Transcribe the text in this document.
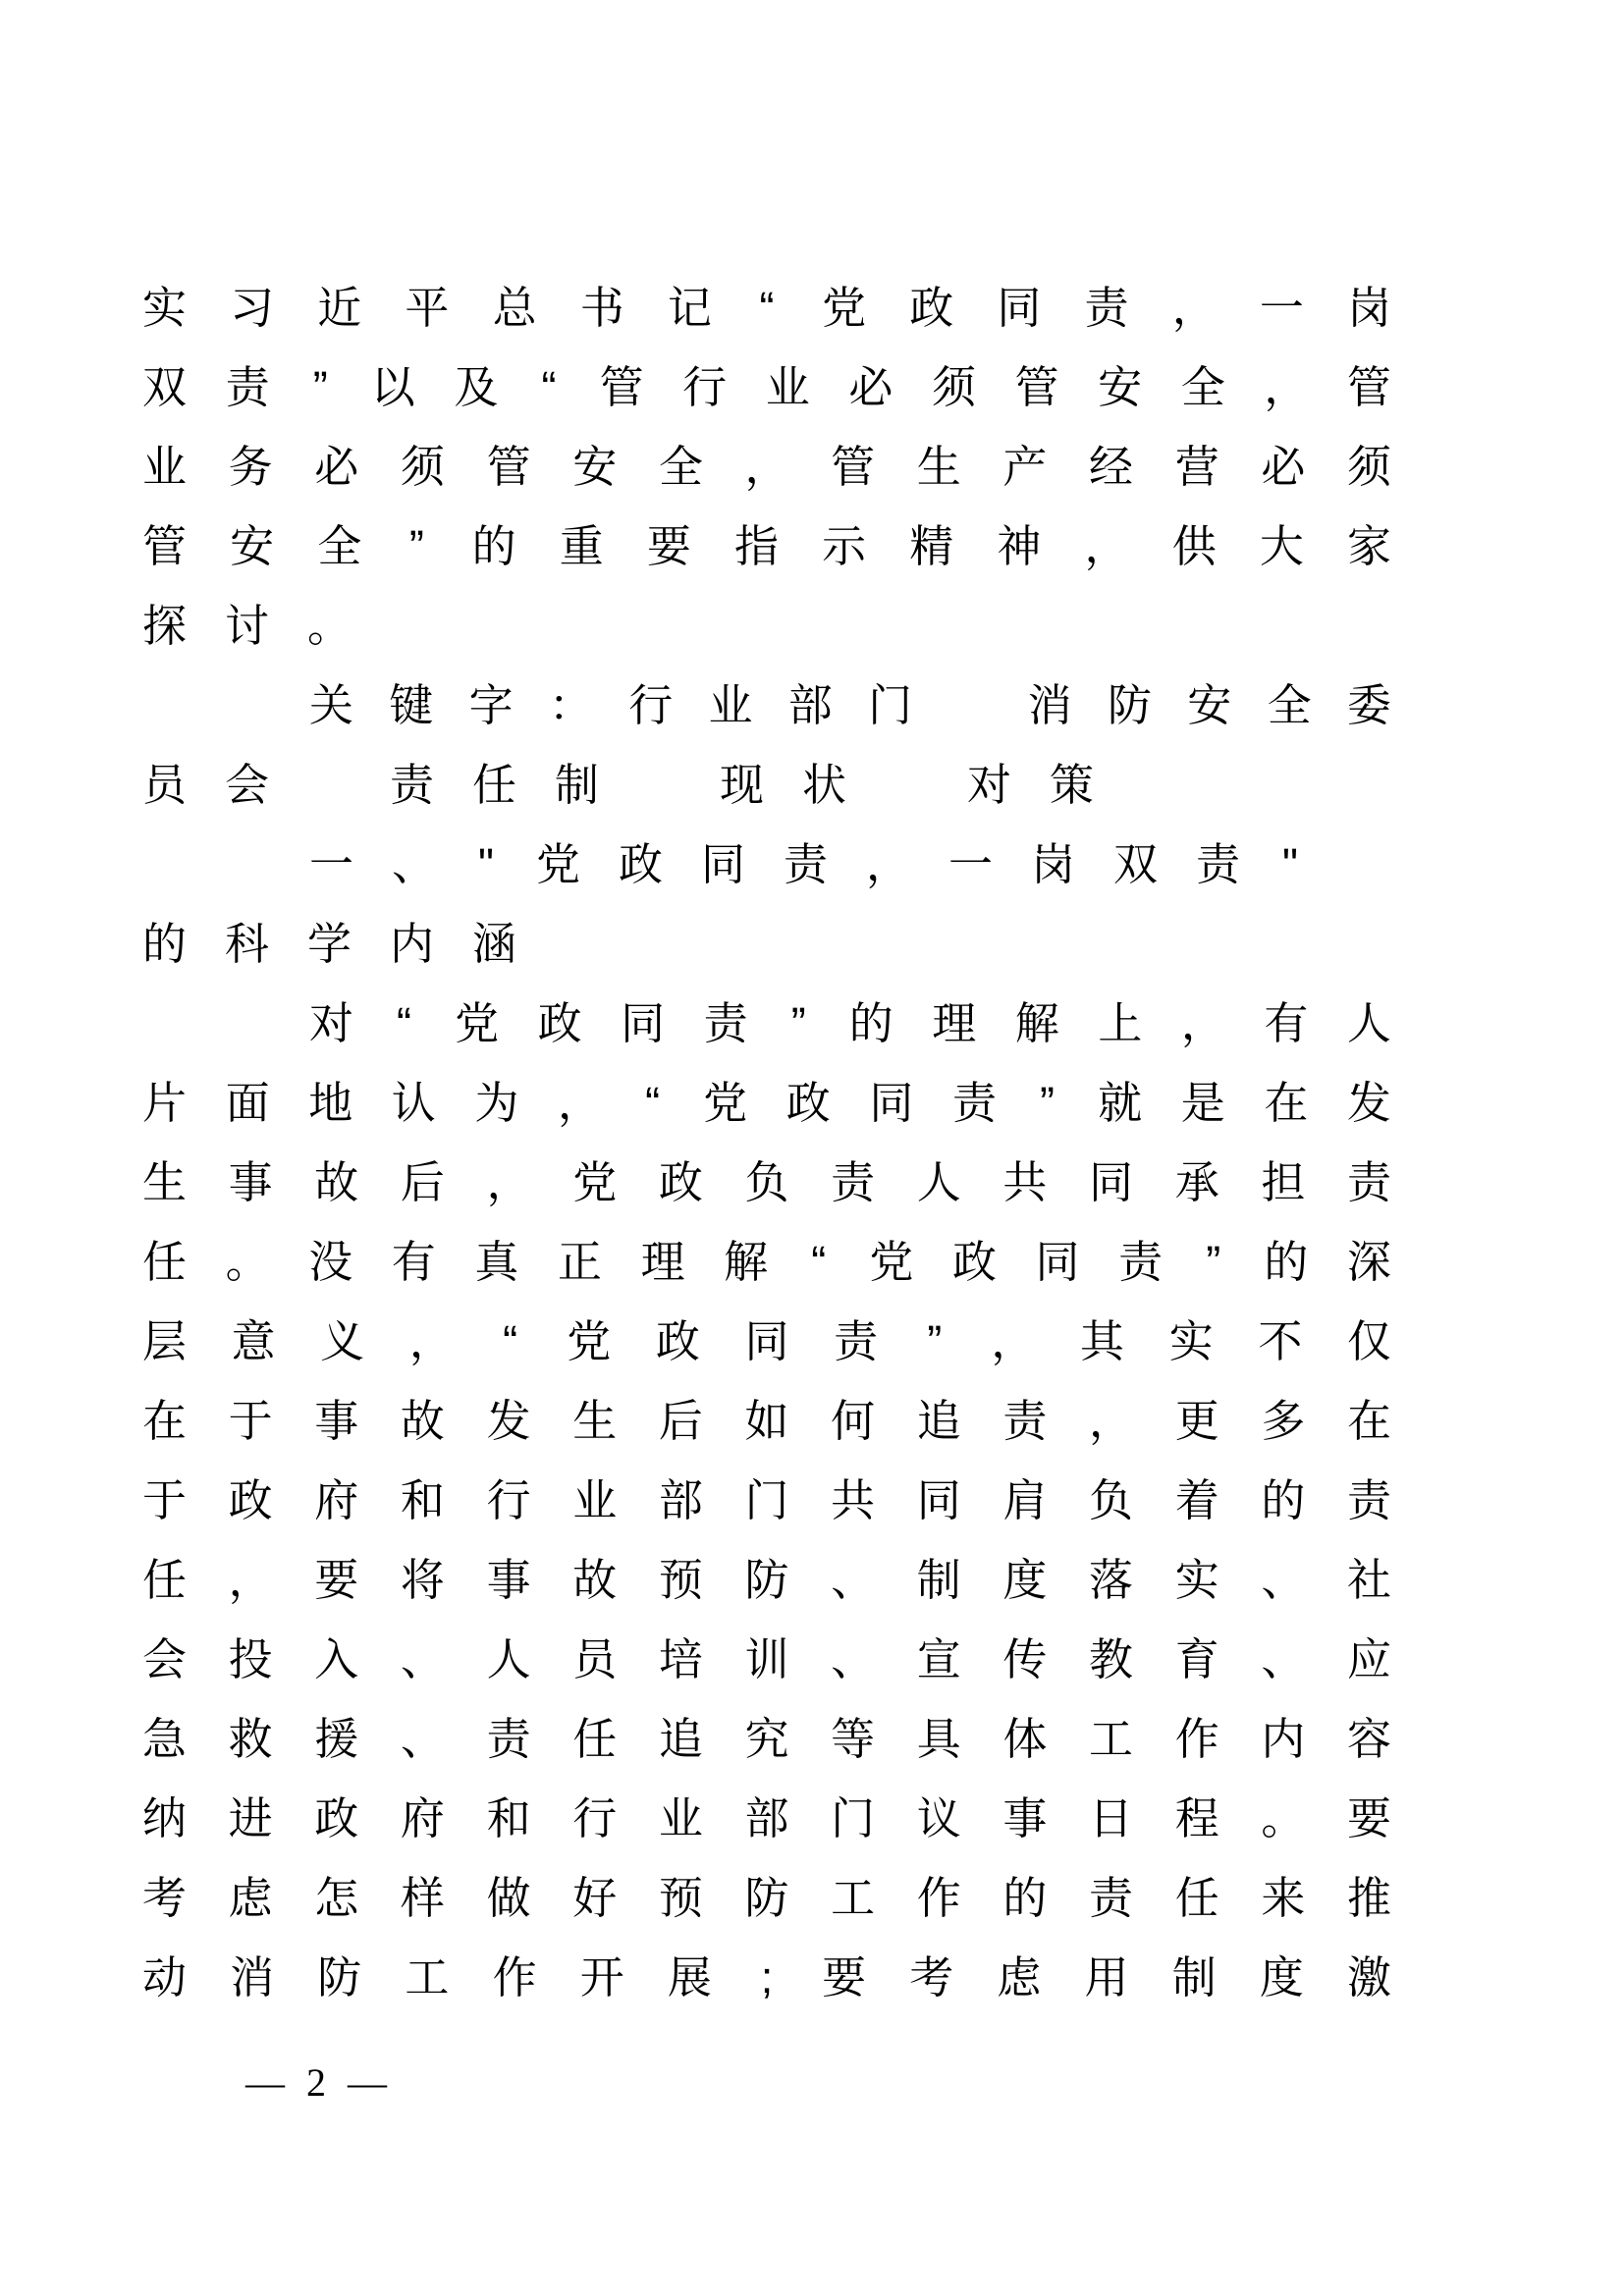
实 习 近 平 总 书 记 “ 党 政 同 责 ， 一 岗
双 责 ” 以 及 “ 管 行 业 必 须 管 安 全 ， 管
业 务 必 须 管 安 全 ， 管 生 产 经 营 必 须
管 安 全 ” 的 重 要 指 示 精 神 ， 供 大 家
探 讨 。
关 键 字 ： 行 业 部 门	消 防 安 全 委
员 会	责 任 制	现 状	对 策
一 、 " 党 政 同 责 ， 一 岗 双 责 "
的 科 学 内 涵
对 “ 党 政 同 责 ” 的 理 解 上 ， 有 人
片 面 地 认 为 ， “ 党 政 同 责 ” 就 是 在 发
生 事 故 后 ， 党 政 负 责 人 共 同 承 担 责
任 。 没 有 真 正 理 解 “ 党 政 同 责 ” 的 深
层 意 义 ， “ 党 政 同 责 ” ， 其 实 不 仅
在 于 事 故 发 生 后 如 何 追 责 ， 更 多 在
于 政 府 和 行 业 部 门 共 同 肩 负 着 的 责
任 ， 要 将 事 故 预 防 、 制 度 落 实 、 社
会 投 入 、 人 员 培 训 、 宣 传 教 育 、 应
急 救 援 、 责 任 追 究 等 具 体 工 作 内 容
纳 进 政 府 和 行 业 部 门 议 事 日 程 。 要
考 虑 怎 样 做 好 预 防 工 作 的 责 任 来 推
动 消 防 工 作 开 展 ; 要 考 虑 用 制 度 激
— 2 —
